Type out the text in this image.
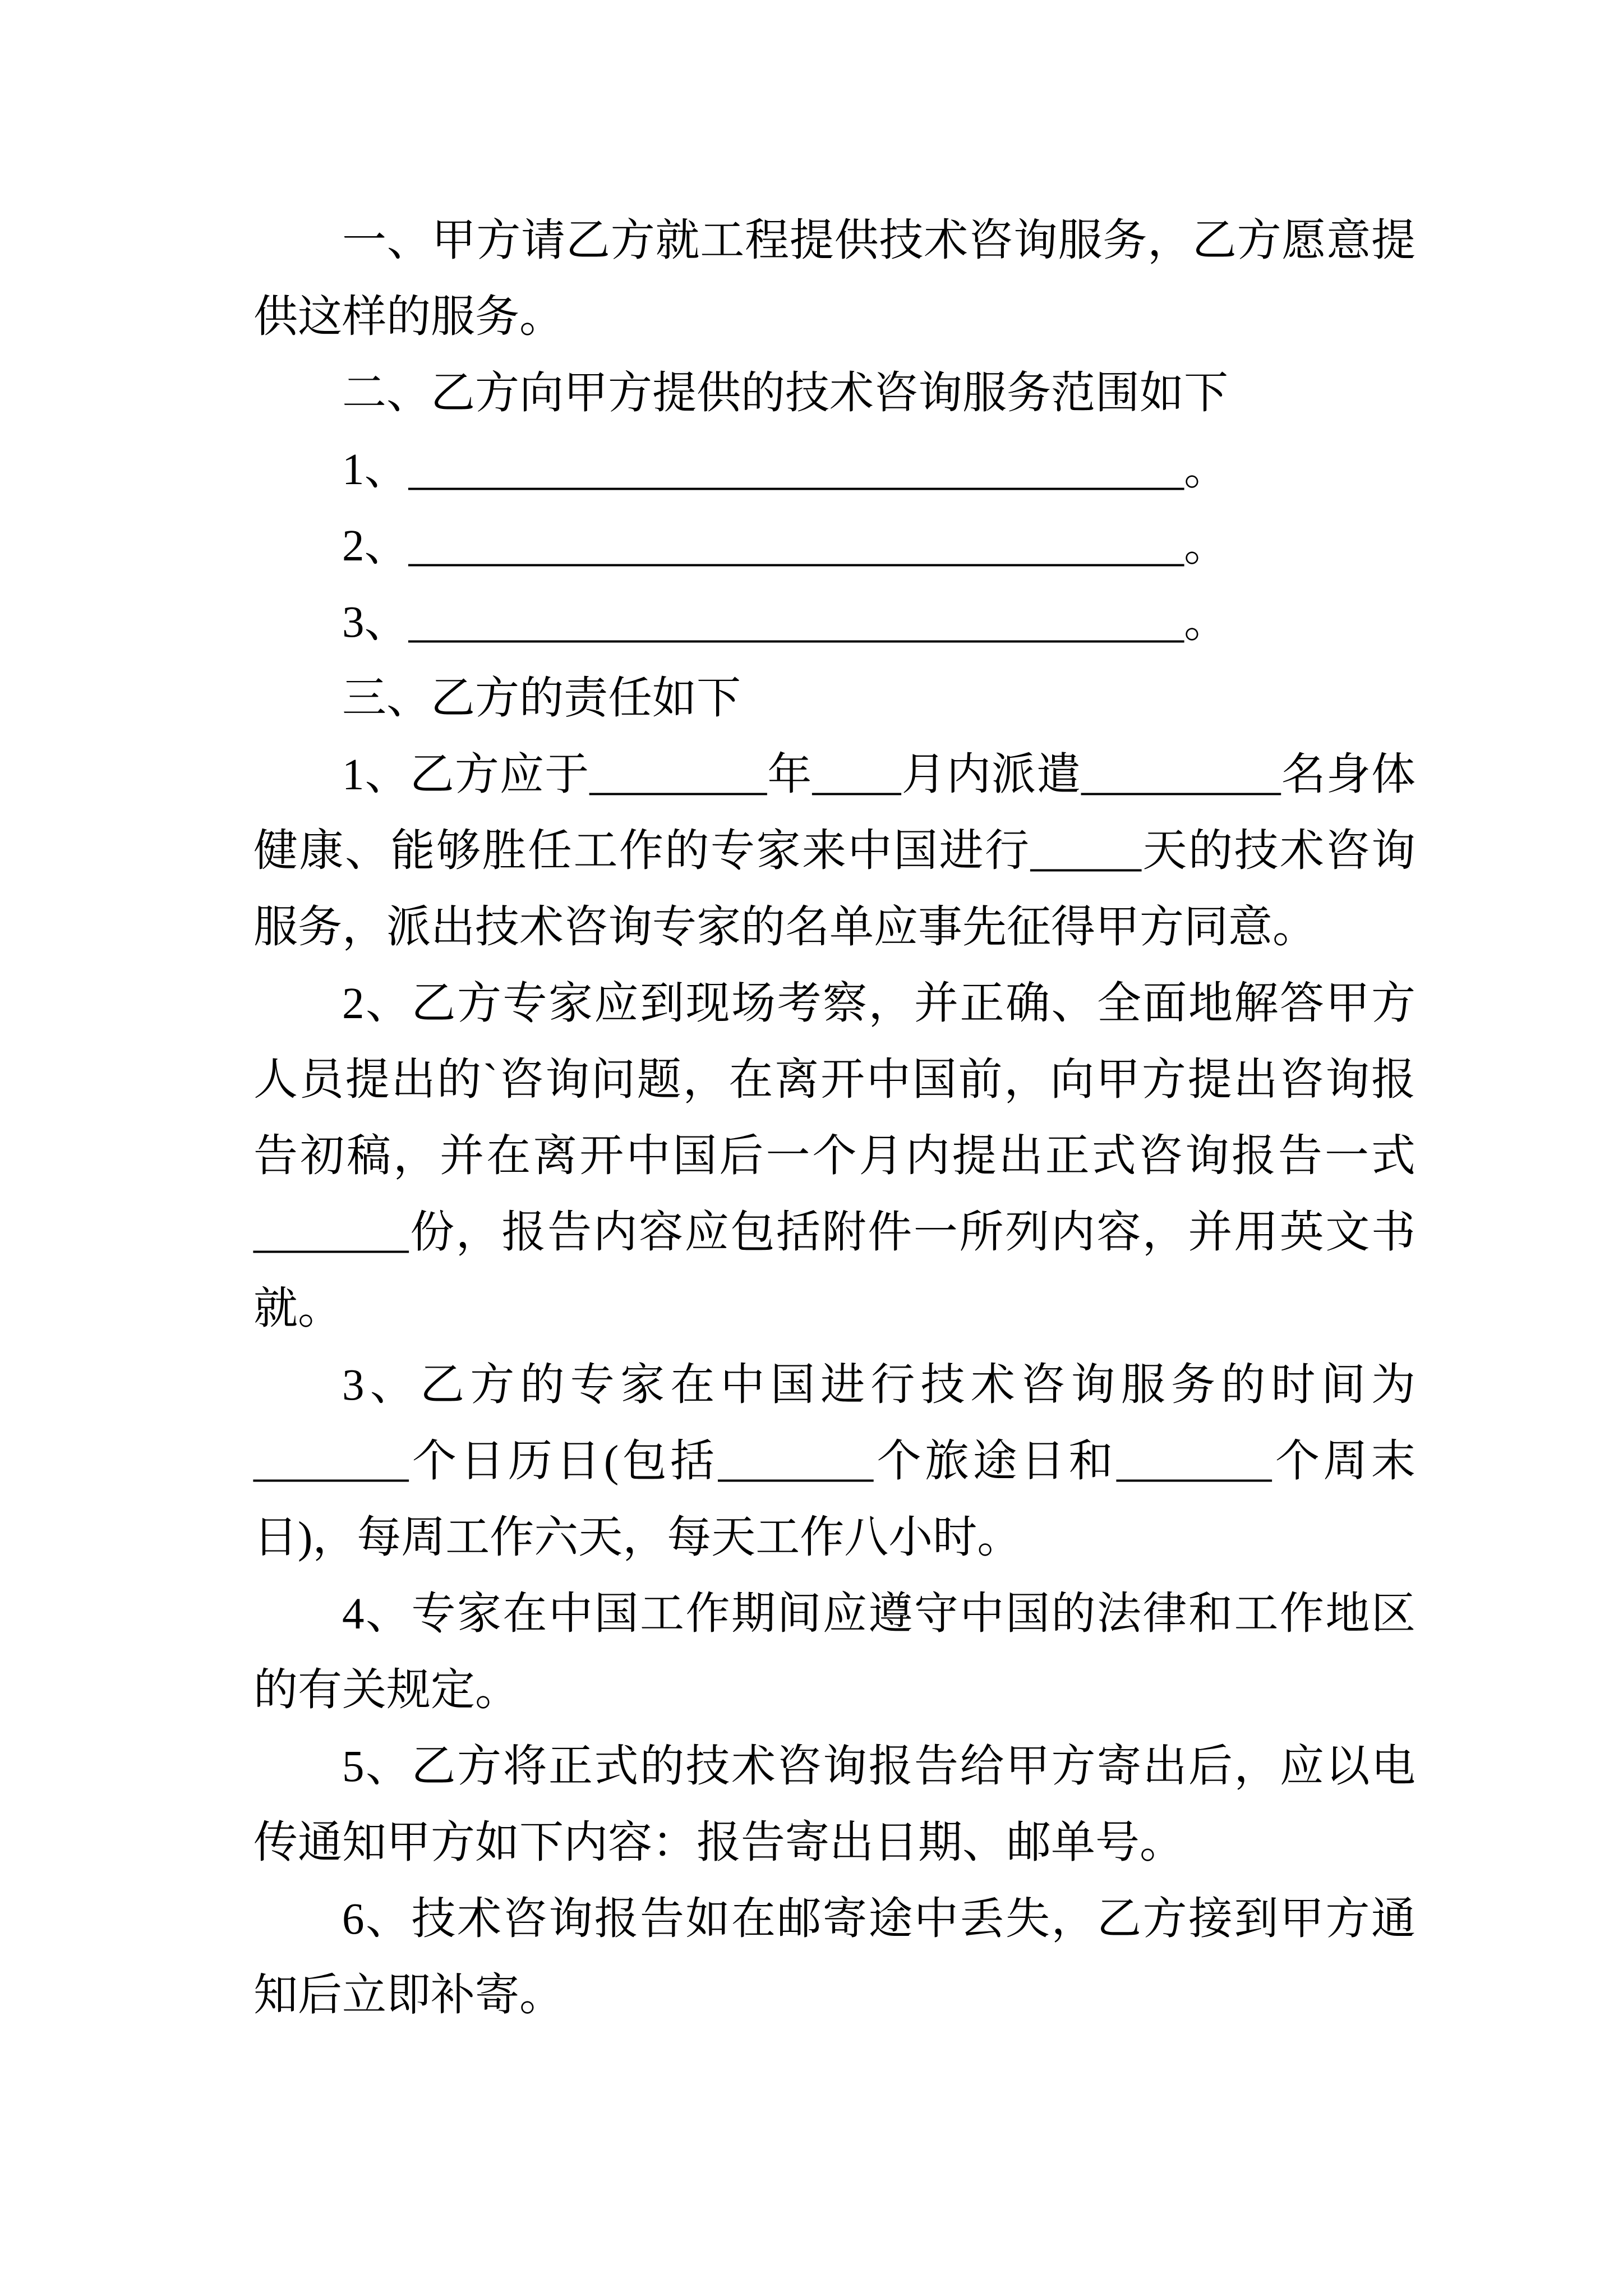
一、甲方请乙方就工程提供技术咨询服务，乙方愿意提
供这样的服务。
二、乙方向甲方提供的技术咨询服务范围如下
1、___________________________________。
2、___________________________________。
3、___________________________________。
三、乙方的责任如下
1、乙方应于________年____月内派遣_________名身体
健康、能够胜任工作的专家来中国进行_____天的技术咨询
服务，派出技术咨询专家的名单应事先征得甲方同意。
2、乙方专家应到现场考察，并正确、全面地解答甲方
人员提出的`咨询问题，在离开中国前，向甲方提出咨询报
告初稿，并在离开中国后一个月内提出正式咨询报告一式
_______份，报告内容应包括附件一所列内容，并用英文书
就。
3、乙方的专家在中国进行技术咨询服务的时间为
_______个日历日(包括_______个旅途日和_______个周末
日)，每周工作六天，每天工作八小时。
4、专家在中国工作期间应遵守中国的法律和工作地区
的有关规定。
5、乙方将正式的技术咨询报告给甲方寄出后，应以电
传通知甲方如下内容：报告寄出日期、邮单号。
6、技术咨询报告如在邮寄途中丢失，乙方接到甲方通
知后立即补寄。
